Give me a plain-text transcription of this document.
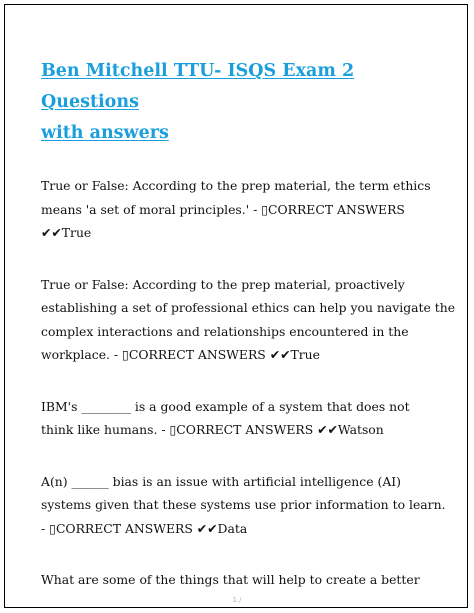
Ben Mitchell TTU- ISQS Exam 2 Questions
with answers
True or False: According to the prep material, the term ethics
means 'a set of moral principles.' - ▯CORRECT ANSWERS
✔✔True
True or False: According to the prep material, proactively
establishing a set of professional ethics can help you navigate the
complex interactions and relationships encountered in the
workplace. - ▯CORRECT ANSWERS ✔✔True
IBM's ________ is a good example of a system that does not
think like humans. - ▯CORRECT ANSWERS ✔✔Watson
A(n) ______ bias is an issue with artificial intelligence (AI)
systems given that these systems use prior information to learn.
- ▯CORRECT ANSWERS ✔✔Data
What are some of the things that will help to create a better
1 /
